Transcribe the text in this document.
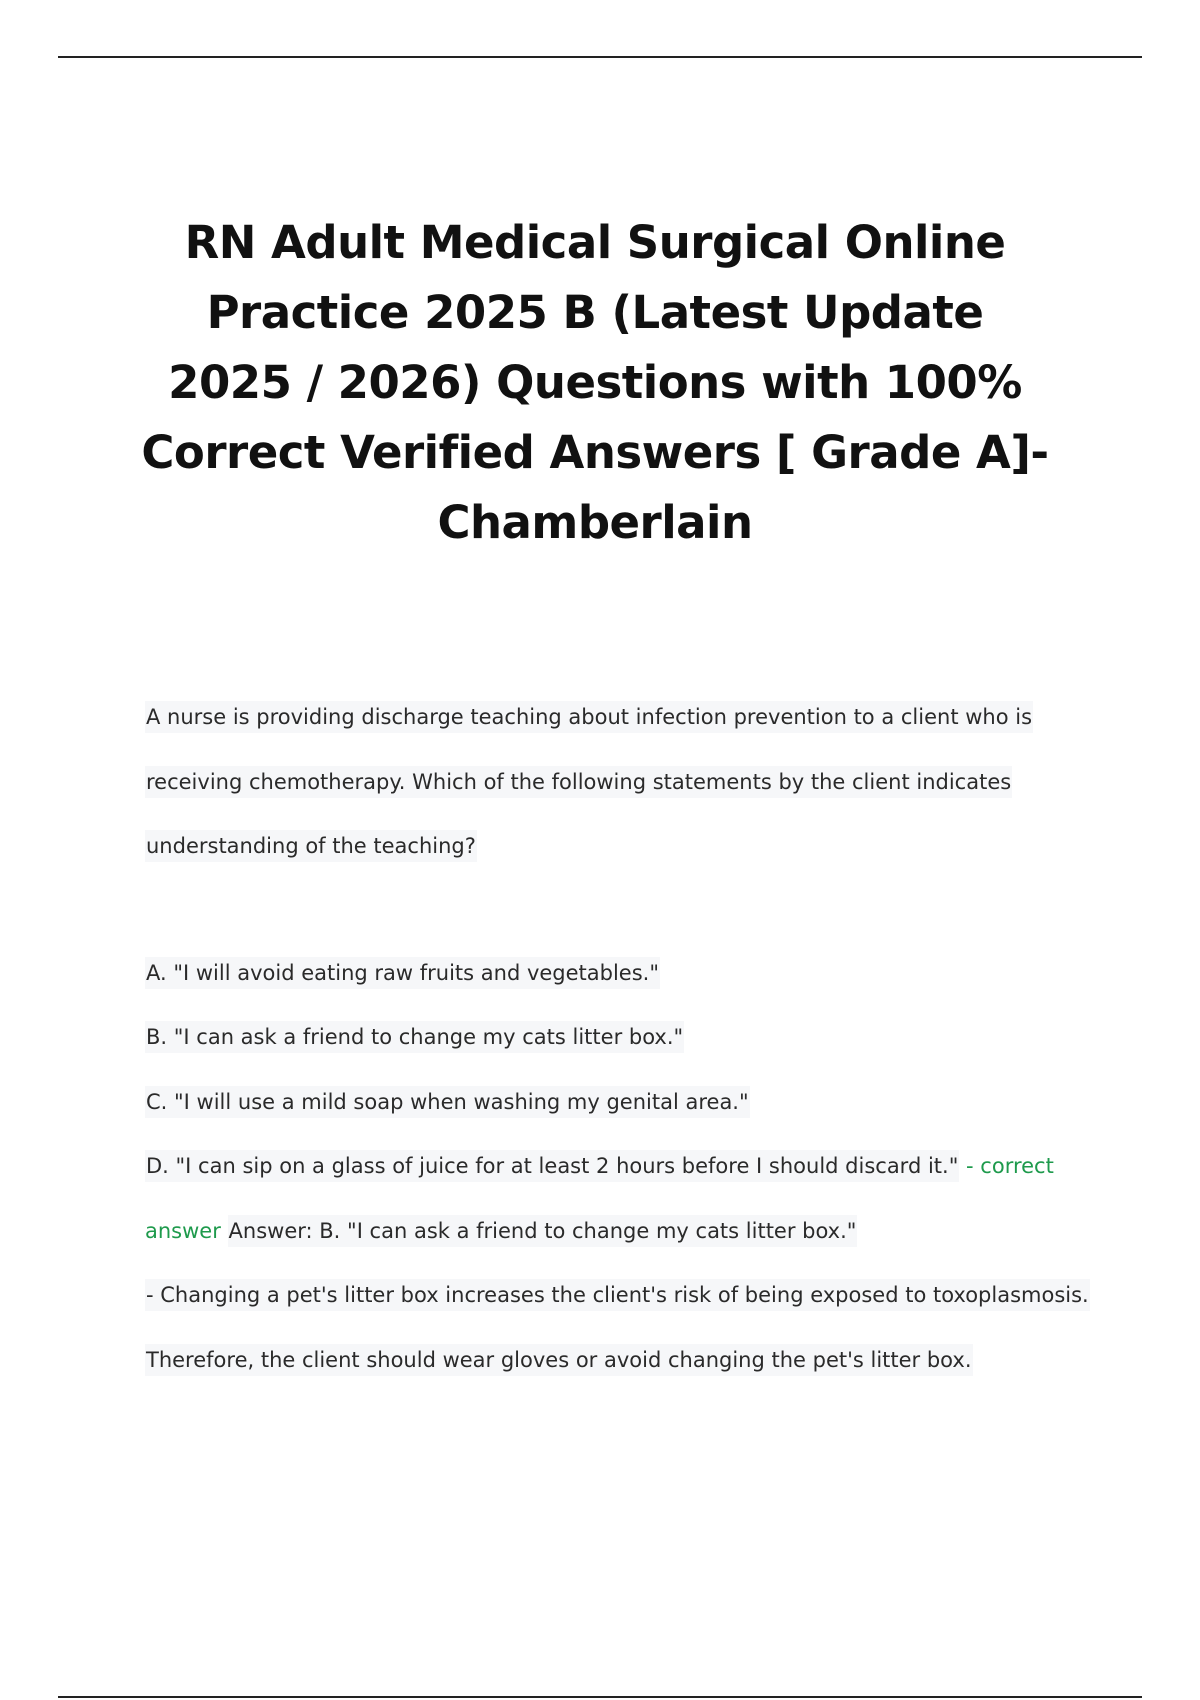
RN Adult Medical Surgical Online Practice 2025 B (Latest Update 2025 / 2026) Questions with 100% Correct Verified Answers [ Grade A]- Chamberlain

A nurse is providing discharge teaching about infection prevention to a client who is receiving chemotherapy. Which of the following statements by the client indicates understanding of the teaching?

A. "I will avoid eating raw fruits and vegetables."

B. "I can ask a friend to change my cats litter box."

C. "I will use a mild soap when washing my genital area."

D. "I can sip on a glass of juice for at least 2 hours before I should discard it." - correct answer Answer: B. "I can ask a friend to change my cats litter box."

- Changing a pet's litter box increases the client's risk of being exposed to toxoplasmosis. Therefore, the client should wear gloves or avoid changing the pet's litter box.
